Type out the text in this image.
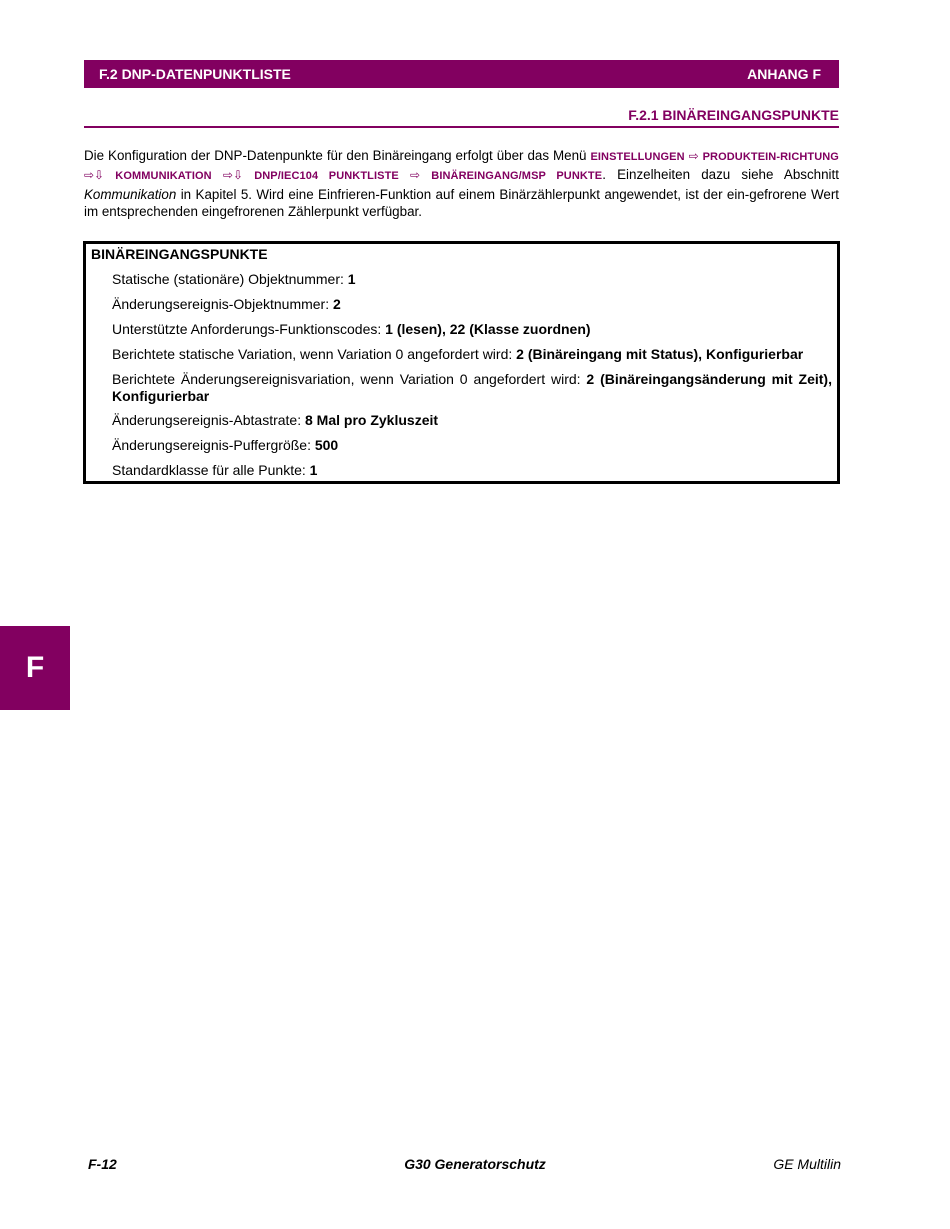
F.2 DNP-DATENPUNKTLISTE	ANHANG F
F.2.1 BINÄREINGANGSPUNKTE
Die Konfiguration der DNP-Datenpunkte für den Binäreingang erfolgt über das Menü EINSTELLUNGEN ⇨ PRODUKTEIN-RICHTUNG ⇨⇩ KOMMUNIKATION ⇨⇩ DNP/IEC104 PUNKTLISTE ⇨ BINÄREINGANG/MSP PUNKTE. Einzelheiten dazu siehe Abschnitt Kommunikation in Kapitel 5. Wird eine Einfrieren-Funktion auf einem Binärzählerpunkt angewendet, ist der ein-gefrorene Wert im entsprechenden eingefrorenen Zählerpunkt verfügbar.
BINÄREINGANGSPUNKTE
Statische (stationäre) Objektnummer: 1
Änderungsereignis-Objektnummer: 2
Unterstützte Anforderungs-Funktionscodes: 1 (lesen), 22 (Klasse zuordnen)
Berichtete statische Variation, wenn Variation 0 angefordert wird: 2 (Binäreingang mit Status), Konfigurierbar
Berichtete Änderungsereignisvariation, wenn Variation 0 angefordert wird: 2 (Binäreingangsänderung mit Zeit), Konfigurierbar
Änderungsereignis-Abtastrate: 8 Mal pro Zykluszeit
Änderungsereignis-Puffergröße: 500
Standardklasse für alle Punkte: 1
F
F-12	G30 Generatorschutz	GE Multilin
